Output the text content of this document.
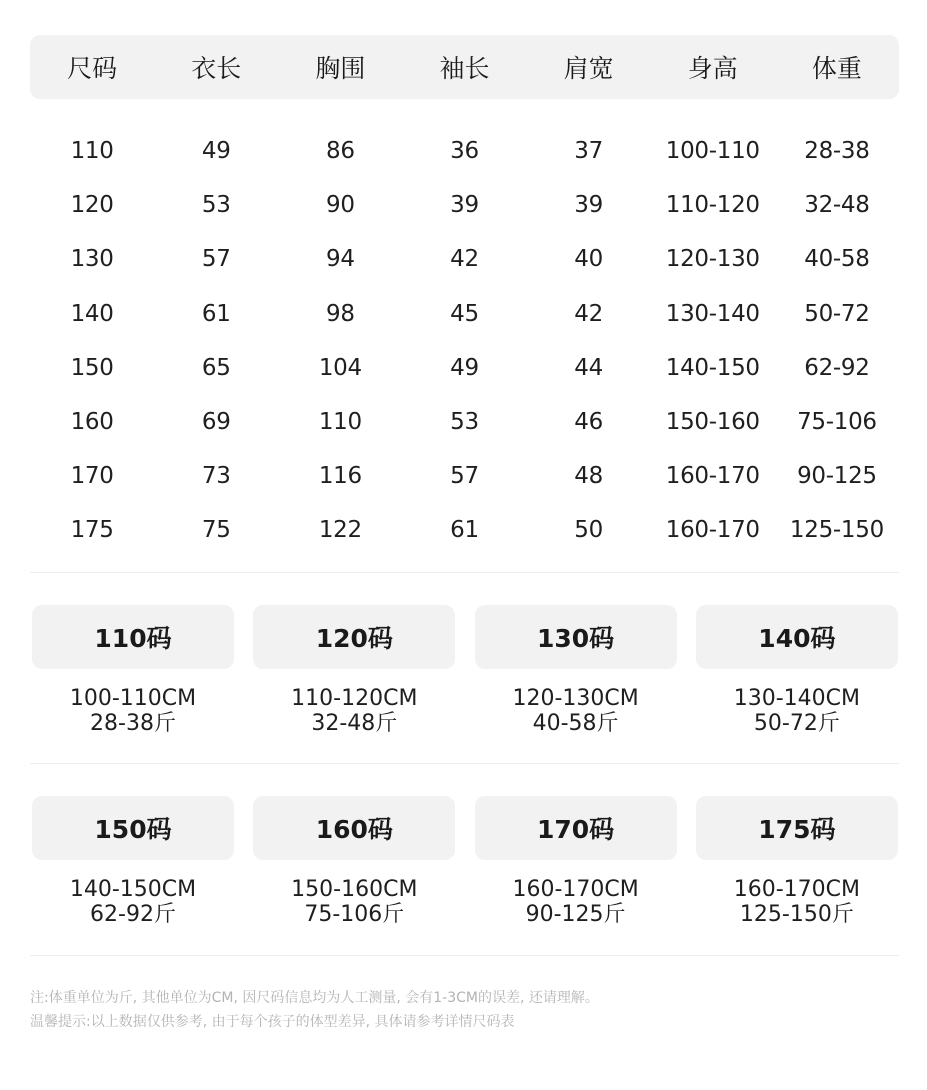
尺码	衣长	胸围	袖长	肩宽	身高	体重
110	49	86	36	37	100-110	28-38
120	53	90	39	39	110-120	32-48
130	57	94	42	40	120-130	40-58
140	61	98	45	42	130-140	50-72
150	65	104	49	44	140-150	62-92
160	69	110	53	46	150-160	75-106
170	73	116	57	48	160-170	90-125
175	75	122	61	50	160-170	125-150
110码
100-110CM
28-38斤
120码
110-120CM
32-48斤
130码
120-130CM
40-58斤
140码
130-140CM
50-72斤
150码
140-150CM
62-92斤
160码
150-160CM
75-106斤
170码
160-170CM
90-125斤
175码
160-170CM
125-150斤
注:体重单位为斤, 其他单位为CM, 因尺码信息均为人工测量, 会有1-3CM的误差, 还请理解。
温馨提示:以上数据仅供参考, 由于每个孩子的体型差异, 具体请参考详情尺码表
